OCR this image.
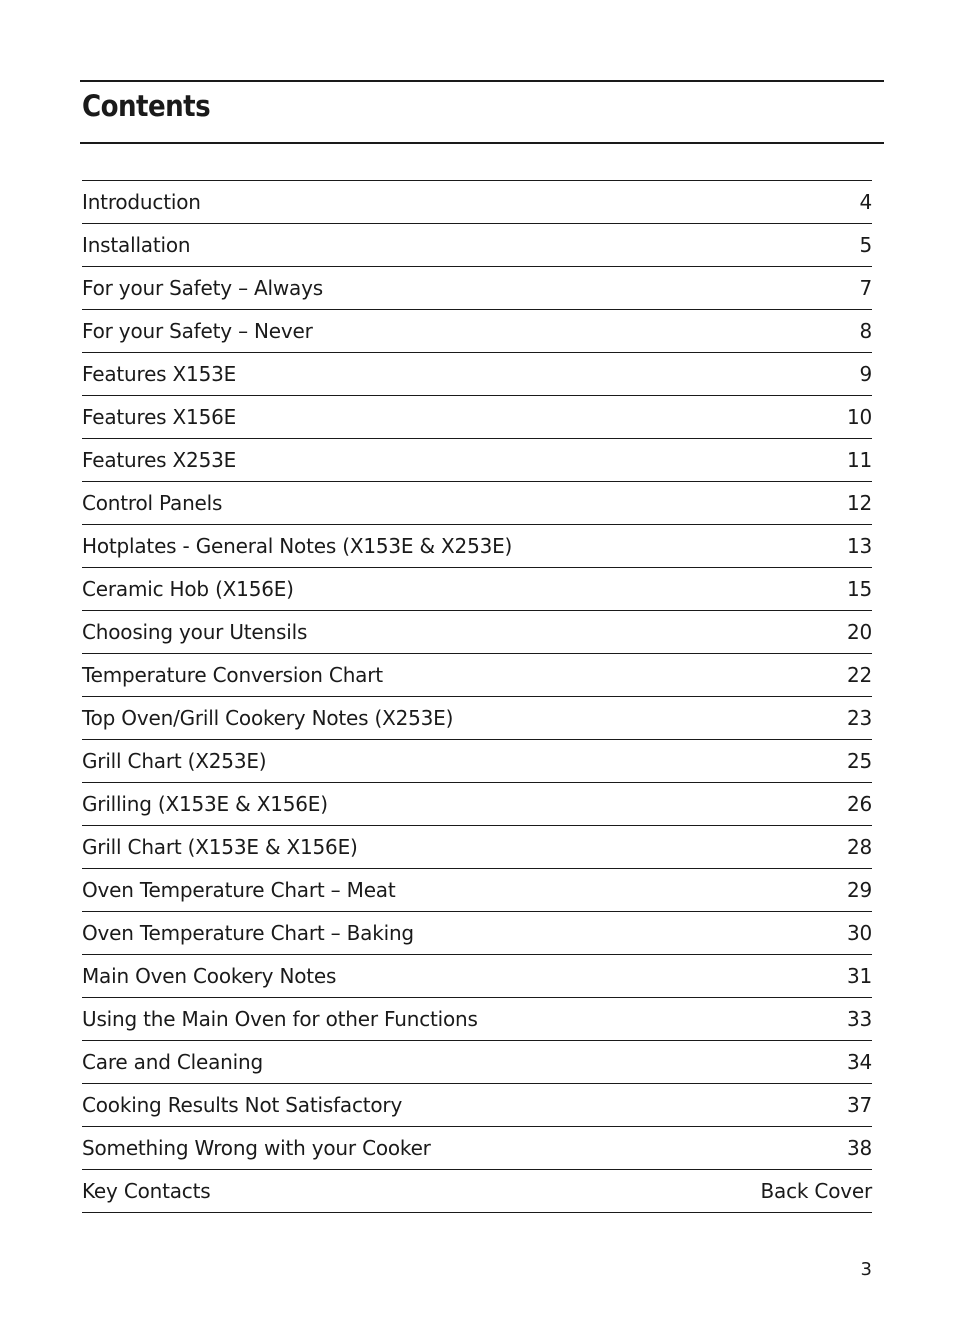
Contents
Introduction	4
Installation	5
For your Safety – Always	7
For your Safety – Never	8
Features X153E	9
Features X156E	10
Features X253E	11
Control Panels	12
Hotplates - General Notes (X153E & X253E)	13
Ceramic Hob (X156E)	15
Choosing your Utensils	20
Temperature Conversion Chart	22
Top Oven/Grill Cookery Notes (X253E)	23
Grill Chart (X253E)	25
Grilling (X153E & X156E)	26
Grill Chart (X153E & X156E)	28
Oven Temperature Chart – Meat	29
Oven Temperature Chart – Baking	30
Main Oven Cookery Notes	31
Using the Main Oven for other Functions	33
Care and Cleaning	34
Cooking Results Not Satisfactory	37
Something Wrong with your Cooker	38
Key Contacts	Back Cover
3
